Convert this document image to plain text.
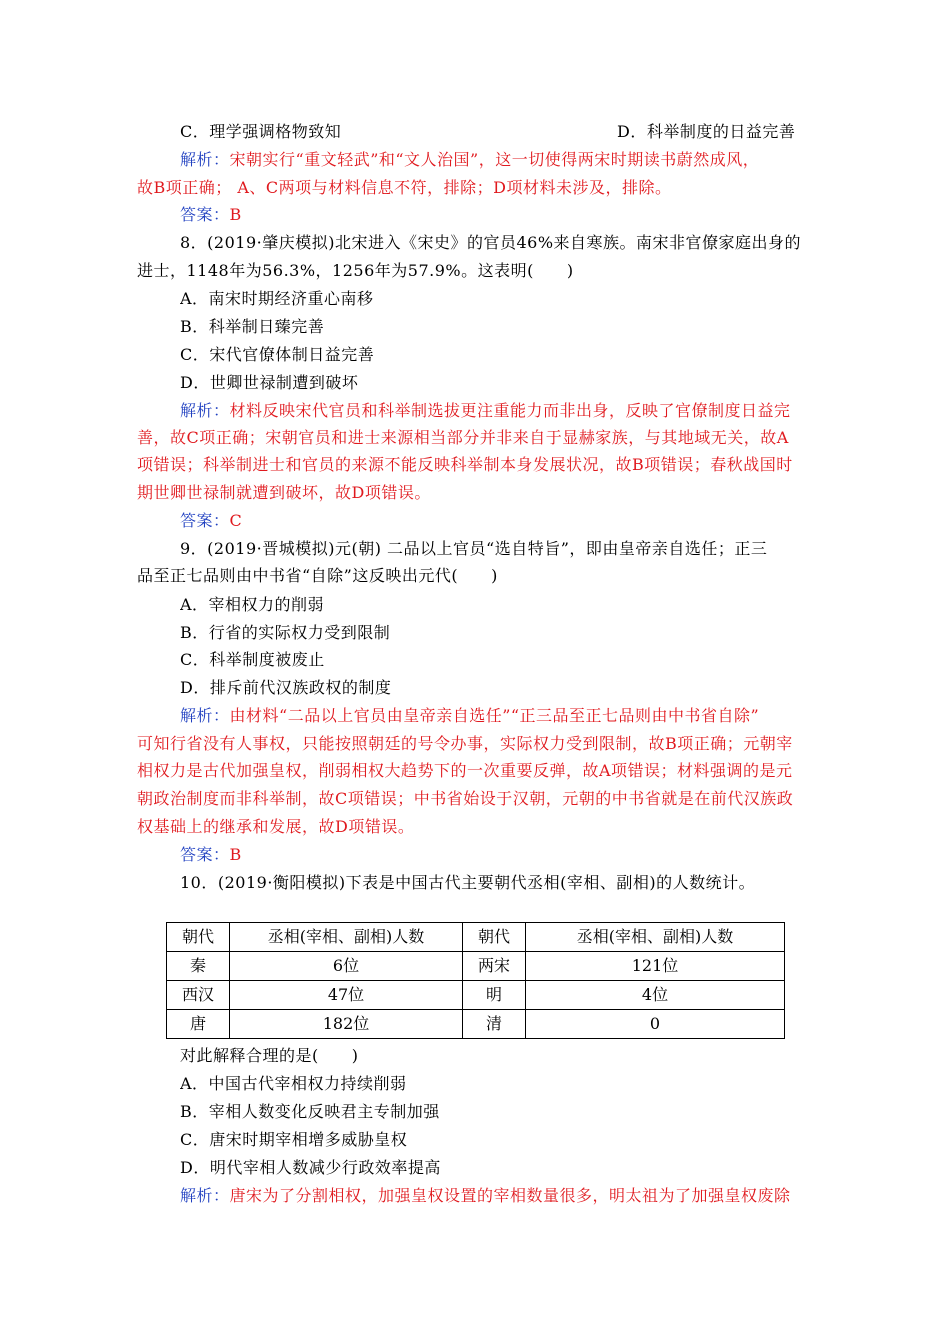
C．理学强调格物致知	D．科举制度的日益完善
解析：宋朝实行“重文轻武”和“文人治国”，这一切使得两宋时期读书蔚然成风，
故B项正确； A、C两项与材料信息不符，排除；D项材料未涉及，排除。
答案：B
8．(2019·肇庆模拟)北宋进入《宋史》的官员46%来自寒族。南宋非官僚家庭出身的
进士，1148年为56.3%，1256年为57.9%。这表明(　　)
A．南宋时期经济重心南移
B．科举制日臻完善
C．宋代官僚体制日益完善
D．世卿世禄制遭到破坏
解析：材料反映宋代官员和科举制选拔更注重能力而非出身，反映了官僚制度日益完
善，故C项正确；宋朝官员和进士来源相当部分并非来自于显赫家族，与其地域无关，故A
项错误；科举制进士和官员的来源不能反映科举制本身发展状况，故B项错误；春秋战国时
期世卿世禄制就遭到破坏，故D项错误。
答案：C
9．(2019·晋城模拟)元(朝) 二品以上官员“选自特旨”，即由皇帝亲自选任；正三
品至正七品则由中书省“自除”这反映出元代(　　)
A．宰相权力的削弱
B．行省的实际权力受到限制
C．科举制度被废止
D．排斥前代汉族政权的制度
解析：由材料“二品以上官员由皇帝亲自选任”“正三品至正七品则由中书省自除”
可知行省没有人事权，只能按照朝廷的号令办事，实际权力受到限制，故B项正确；元朝宰
相权力是古代加强皇权，削弱相权大趋势下的一次重要反弹，故A项错误；材料强调的是元
朝政治制度而非科举制，故C项错误；中书省始设于汉朝，元朝的中书省就是在前代汉族政
权基础上的继承和发展，故D项错误。
答案：B
10．(2019·衡阳模拟)下表是中国古代主要朝代丞相(宰相、副相)的人数统计。
朝代	丞相(宰相、副相)人数	朝代	丞相(宰相、副相)人数
秦	6位	两宋	121位
西汉	47位	明	4位
唐	182位	清	0
对此解释合理的是(　　)
A．中国古代宰相权力持续削弱
B．宰相人数变化反映君主专制加强
C．唐宋时期宰相增多威胁皇权
D．明代宰相人数减少行政效率提高
解析：唐宋为了分割相权，加强皇权设置的宰相数量很多，明太祖为了加强皇权废除
